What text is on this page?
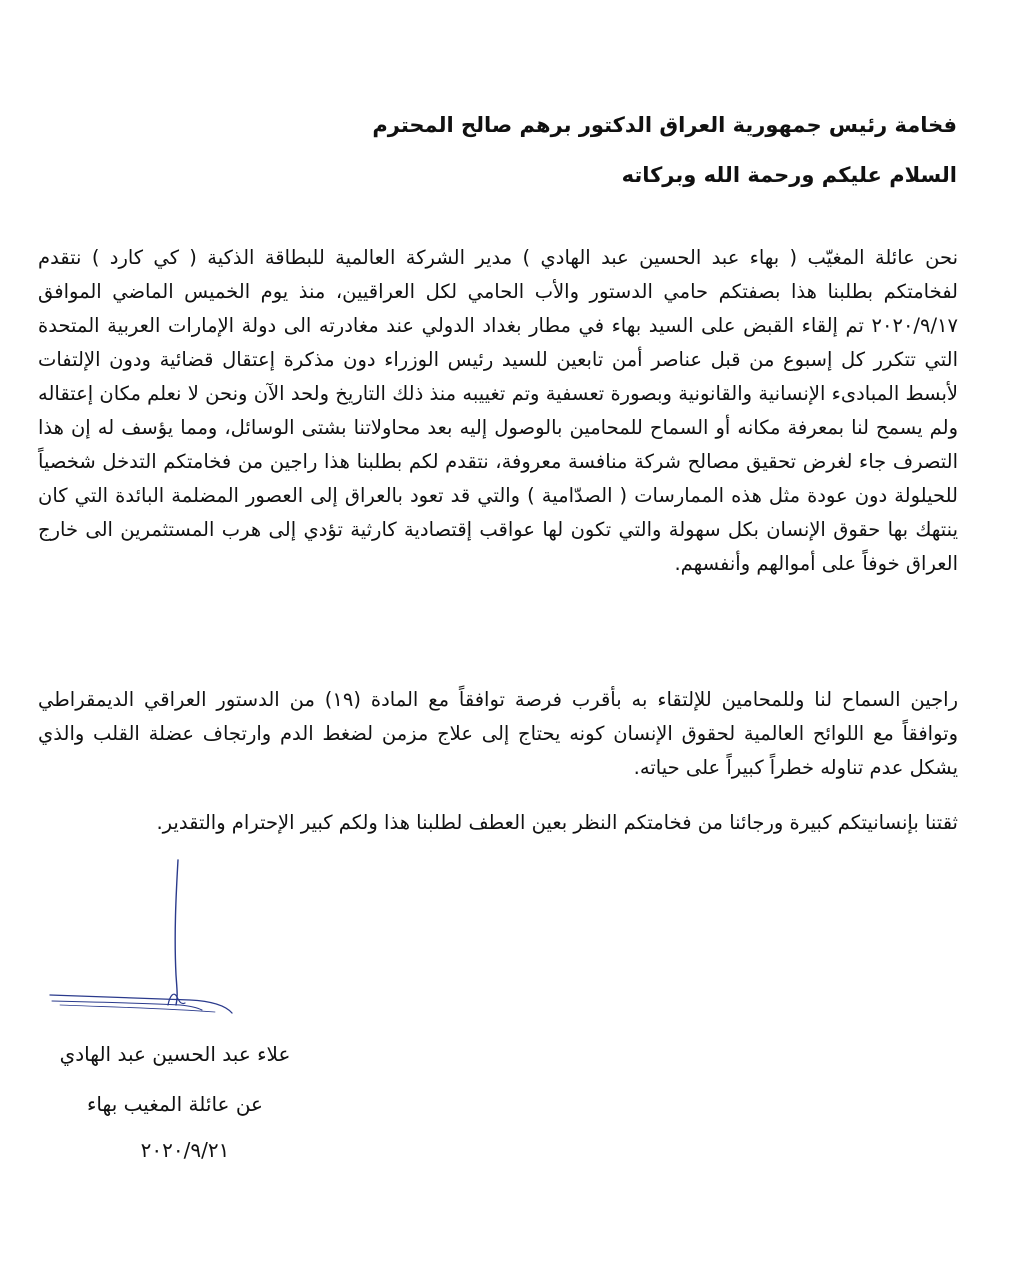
فخامة رئيس جمهورية العراق الدكتور برهم صالح المحترم
السلام عليكم ورحمة الله وبركاته
نحن عائلة المغيّب ( بهاء عبد الحسين عبد الهادي ) مدير الشركة العالمية للبطاقة الذكية ( كي كارد ) نتقدم لفخامتكم بطلبنا هذا بصفتكم حامي الدستور والأب الحامي لكل العراقيين، منذ يوم الخميس الماضي الموافق ٢٠٢٠/٩/١٧ تم إلقاء القبض على السيد بهاء في مطار بغداد الدولي عند مغادرته الى دولة الإمارات العربية المتحدة التي تتكرر كل إسبوع من قبل عناصر أمن تابعين للسيد رئيس الوزراء دون مذكرة إعتقال قضائية ودون الإلتفات لأبسط المبادىء الإنسانية والقانونية وبصورة تعسفية وتم تغييبه منذ ذلك التاريخ ولحد الآن ونحن لا نعلم مكان إعتقاله ولم يسمح لنا بمعرفة مكانه أو السماح للمحامين بالوصول إليه بعد محاولاتنا بشتى الوسائل، ومما يؤسف له إن هذا التصرف جاء لغرض تحقيق مصالح شركة منافسة معروفة، نتقدم لكم بطلبنا هذا راجين من فخامتكم التدخل شخصياً للحيلولة دون عودة مثل هذه الممارسات ( الصدّامية ) والتي قد تعود بالعراق إلى العصور المضلمة البائدة التي كان ينتهك بها حقوق الإنسان بكل سهولة والتي تكون لها عواقب إقتصادية كارثية تؤدي إلى هرب المستثمرين الى خارج العراق خوفاً على أموالهم وأنفسهم.
راجين السماح لنا وللمحامين للإلتقاء به بأقرب فرصة توافقاً مع المادة (١٩) من الدستور العراقي الديمقراطي وتوافقاً مع اللوائح العالمية لحقوق الإنسان كونه يحتاج إلى علاج مزمن لضغط الدم وارتجاف عضلة القلب والذي يشكل عدم تناوله خطراً كبيراً على حياته.
ثقتنا بإنسانيتكم كبيرة ورجائنا من فخامتكم النظر بعين العطف لطلبنا هذا ولكم كبير الإحترام والتقدير.
علاء عبد الحسين عبد الهادي
عن عائلة المغيب بهاء
٢٠٢٠/٩/٢١
